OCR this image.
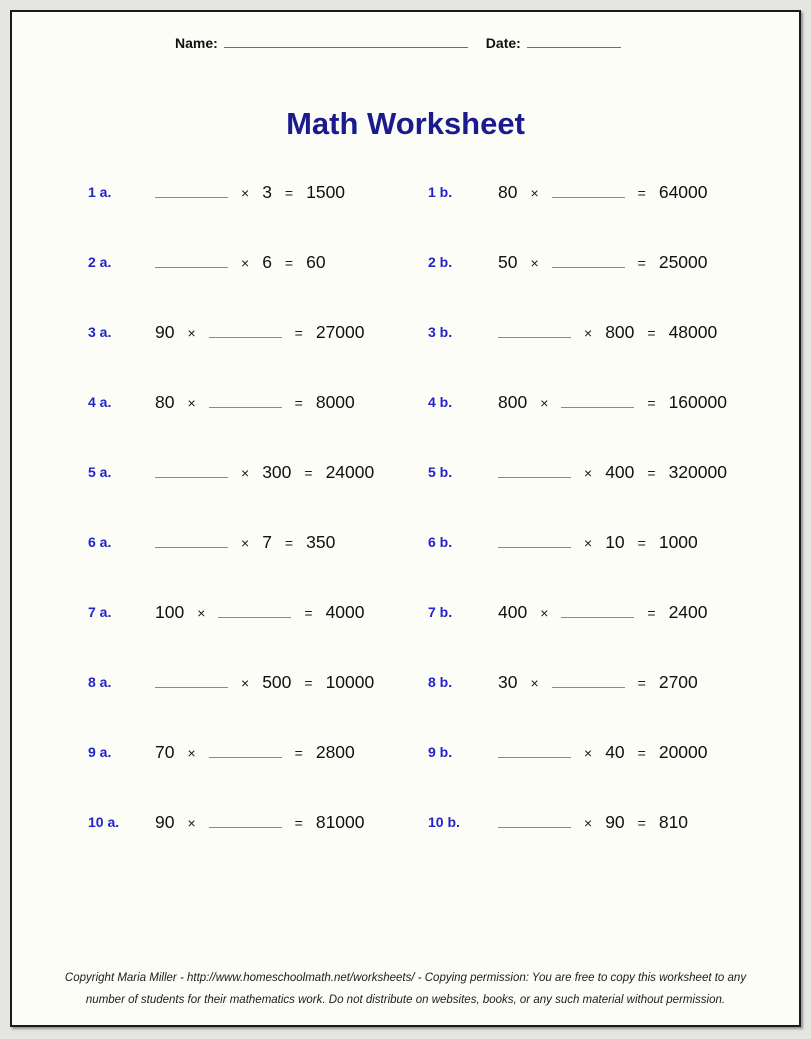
Name:	Date:
Math Worksheet
1 a.	× 3 = 1500	1 b.	80 ×	= 64000
2 a.	× 6 = 60	2 b.	50 ×	= 25000
3 a.	90 ×	= 27000	3 b.	× 800 = 48000
4 a.	80 ×	= 8000	4 b.	800 ×	= 160000
5 a.	× 300 = 24000	5 b.	× 400 = 320000
6 a.	× 7 = 350	6 b.	× 10 = 1000
7 a.	100 ×	= 4000	7 b.	400 ×	= 2400
8 a.	× 500 = 10000	8 b.	30 ×	= 2700
9 a.	70 ×	= 2800	9 b.	× 40 = 20000
10 a.	90 ×	= 81000	10 b.	× 90 = 810
Copyright Maria Miller - http://www.homeschoolmath.net/worksheets/ - Copying permission: You are free to copy this worksheet to any
number of students for their mathematics work. Do not distribute on websites, books, or any such material without permission.
